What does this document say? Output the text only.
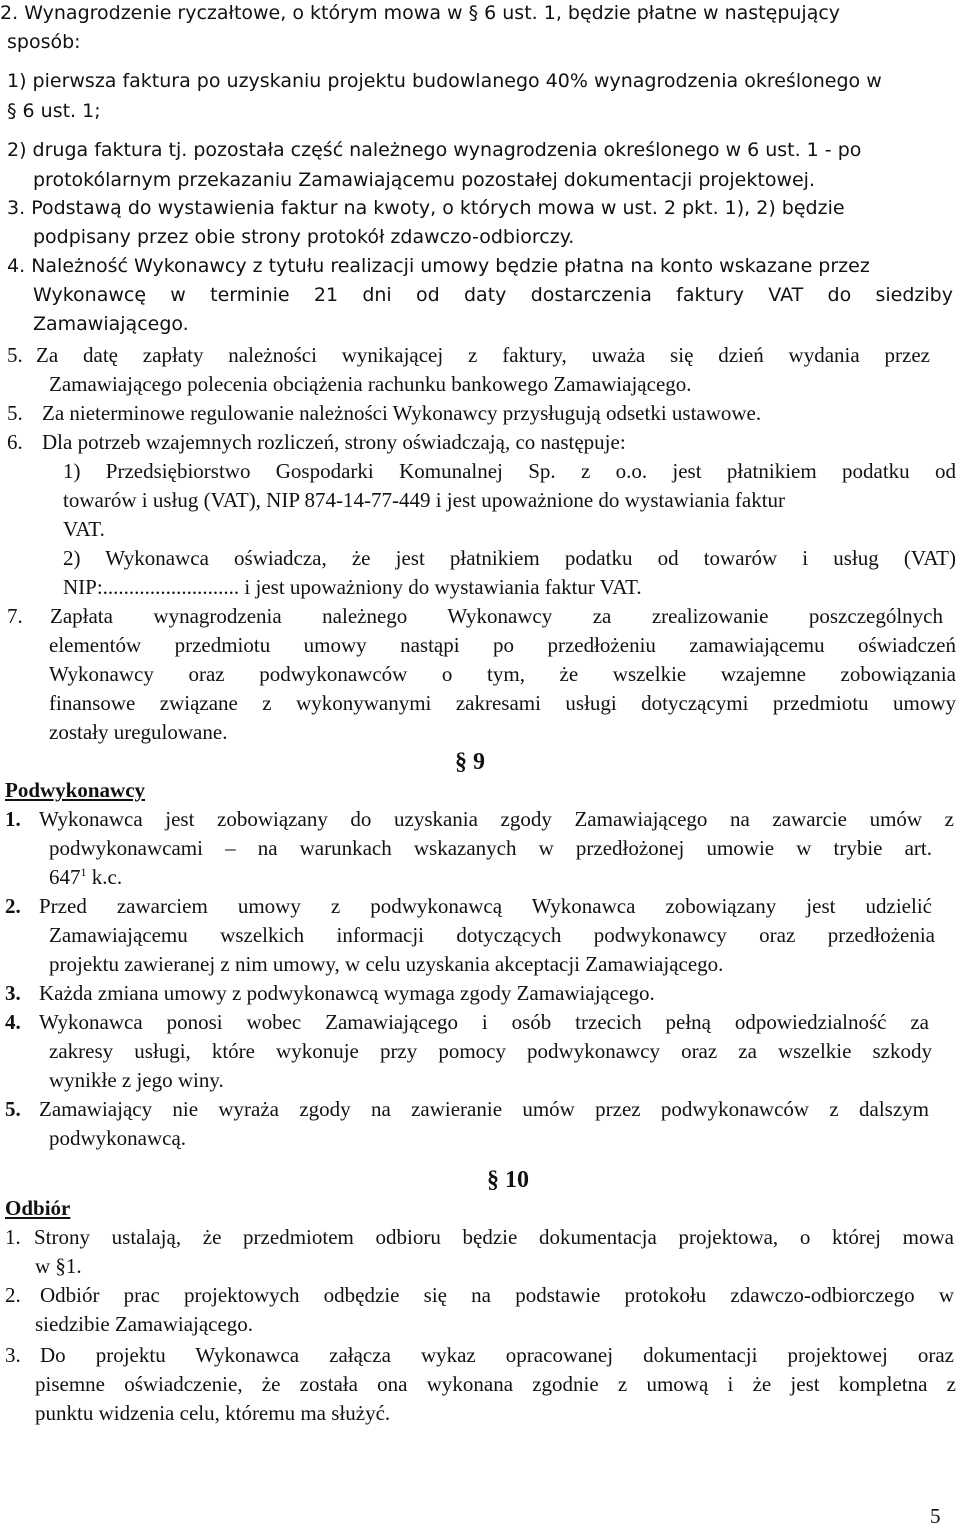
2. Wynagrodzenie ryczałtowe, o którym mowa w § 6 ust. 1, będzie płatne w następujący
sposób:
1) pierwsza faktura po uzyskaniu projektu budowlanego 40% wynagrodzenia określonego w
§ 6 ust. 1;
2) druga faktura tj. pozostała część należnego wynagrodzenia określonego w 6 ust. 1 - po
protokólarnym przekazaniu Zamawiającemu pozostałej dokumentacji projektowej.
3. Podstawą do wystawienia faktur na kwoty, o których mowa w ust. 2 pkt. 1), 2) będzie
podpisany przez obie strony protokół zdawczo-odbiorczy.
4. Należność Wykonawcy z tytułu realizacji umowy będzie płatna na konto wskazane przez
Wykonawcę w terminie 21 dni od daty dostarczenia faktury VAT do siedziby
Zamawiającego.
5. Za datę zapłaty należności wynikającej z faktury, uważa się dzień wydania przez
Zamawiającego polecenia obciążenia rachunku bankowego Zamawiającego.
5. Za nieterminowe regulowanie należności Wykonawcy przysługują odsetki ustawowe.
6. Dla potrzeb wzajemnych rozliczeń, strony oświadczają, co następuje:
1) Przedsiębiorstwo Gospodarki Komunalnej Sp. z o.o. jest płatnikiem podatku od
towarów i usług (VAT), NIP 874-14-77-449 i jest upoważnione do wystawiania faktur
VAT.
2) Wykonawca oświadcza, że jest płatnikiem podatku od towarów i usług (VAT)
NIP:.......................... i jest upoważniony do wystawiania faktur VAT.
7. Zapłata wynagrodzenia należnego Wykonawcy za zrealizowanie poszczególnych
elementów przedmiotu umowy nastąpi po przedłożeniu zamawiającemu oświadczeń
Wykonawcy oraz podwykonawców o tym, że wszelkie wzajemne zobowiązania
finansowe związane z wykonywanymi zakresami usługi dotyczącymi przedmiotu umowy
zostały uregulowane.
§ 9
Podwykonawcy
1. Wykonawca jest zobowiązany do uzyskania zgody Zamawiającego na zawarcie umów z
podwykonawcami – na warunkach wskazanych w przedłożonej umowie w trybie art.
$647^1$ k.c.
2. Przed zawarciem umowy z podwykonawcą Wykonawca zobowiązany jest udzielić
Zamawiającemu wszelkich informacji dotyczących podwykonawcy oraz przedłożenia
projektu zawieranej z nim umowy, w celu uzyskania akceptacji Zamawiającego.
3. Każda zmiana umowy z podwykonawcą wymaga zgody Zamawiającego.
4. Wykonawca ponosi wobec Zamawiającego i osób trzecich pełną odpowiedzialność za
zakresy usługi, które wykonuje przy pomocy podwykonawcy oraz za wszelkie szkody
wynikłe z jego winy.
5. Zamawiający nie wyraża zgody na zawieranie umów przez podwykonawców z dalszym
podwykonawcą.
§ 10
Odbiór
1. Strony ustalają, że przedmiotem odbioru będzie dokumentacja projektowa, o której mowa
w §1.
2. Odbiór prac projektowych odbędzie się na podstawie protokołu zdawczo-odbiorczego w
siedzibie Zamawiającego.
3. Do projektu Wykonawca załącza wykaz opracowanej dokumentacji projektowej oraz
pisemne oświadczenie, że została ona wykonana zgodnie z umową i że jest kompletna z
punktu widzenia celu, któremu ma służyć.
5
